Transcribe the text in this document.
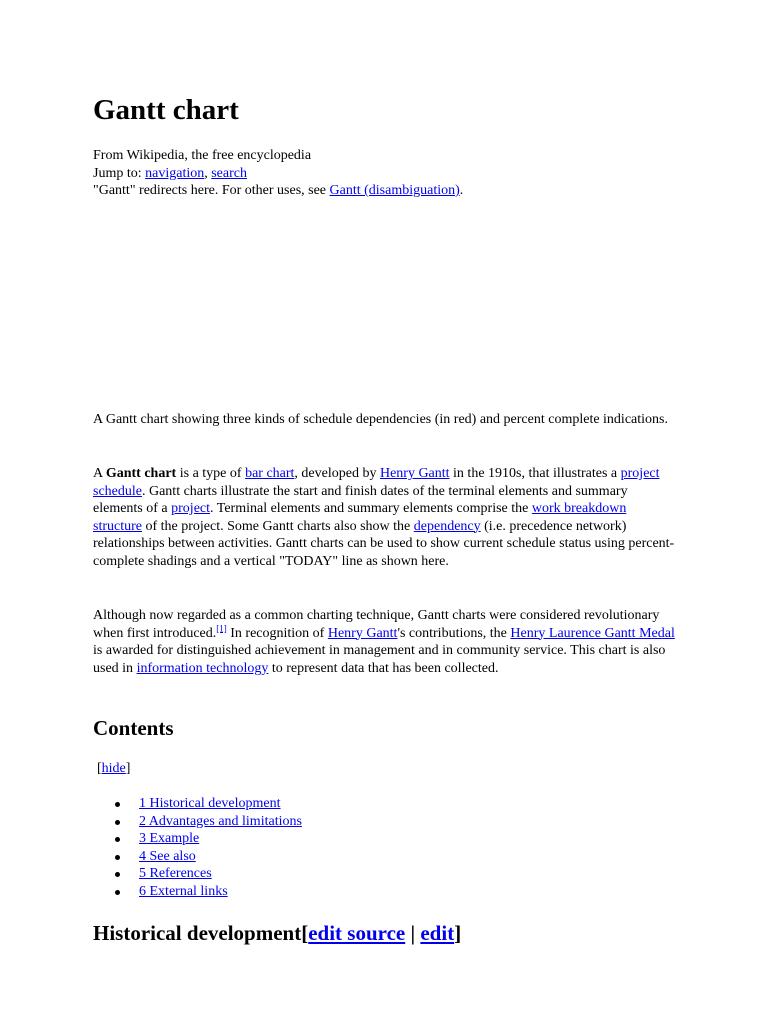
Gantt chart
From Wikipedia, the free encyclopedia
Jump to: navigation, search
"Gantt" redirects here. For other uses, see Gantt (disambiguation).
A Gantt chart showing three kinds of schedule dependencies (in red) and percent complete indications.

A Gantt chart is a type of bar chart, developed by Henry Gantt in the 1910s, that illustrates a project schedule. Gantt charts illustrate the start and finish dates of the terminal elements and summary elements of a project. Terminal elements and summary elements comprise the work breakdown structure of the project. Some Gantt charts also show the dependency (i.e. precedence network) relationships between activities. Gantt charts can be used to show current schedule status using percent-complete shadings and a vertical "TODAY" line as shown here.

Although now regarded as a common charting technique, Gantt charts were considered revolutionary when first introduced.[1] In recognition of Henry Gantt's contributions, the Henry Laurence Gantt Medal is awarded for distinguished achievement in management and in community service. This chart is also used in information technology to represent data that has been collected.

Contents
[hide]
1 Historical development
2 Advantages and limitations
3 Example
4 See also
5 References
6 External links
Historical development[edit source | edit]
